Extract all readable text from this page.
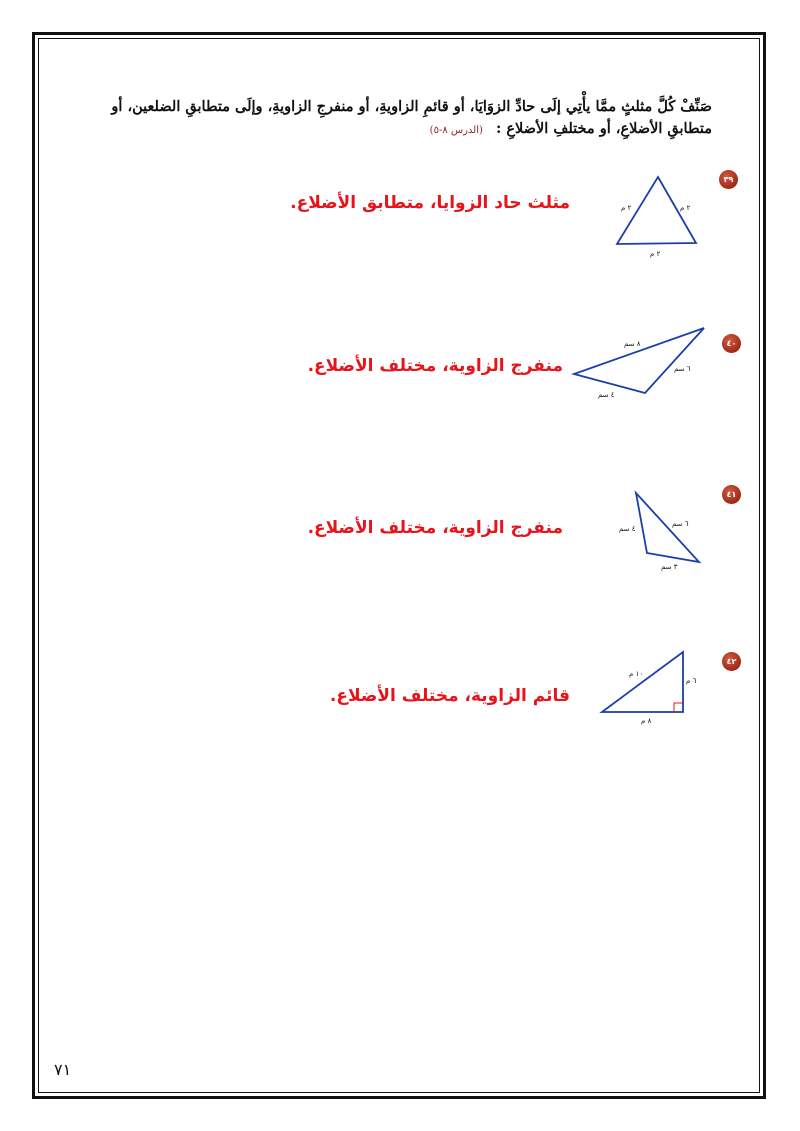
صَنِّفْ كُلَّ مثلثٍ ممَّا يأْتِي إلَى حادِّ الزوَايَا، أو قائمِ الزاويةِ، أو منفرجِ الزاويةِ، وإلَى متطابقِ الضلعين، أو
متطابقِ الأضلاعِ، أو مختلفِ الأضلاعِ : (الدرس ٨-٥)
٣٩
٢ م	٢ م
٢ م
مثلث حاد الزوايا، متطابق الأضلاع.
٤٠
٨ سم
٦ سم
٤ سم
منفرج الزاوية، مختلف الأضلاع.
٤١
٤ سم
٦ سم
٣ سم
منفرج الزاوية، مختلف الأضلاع.
٤٢
١٠ م
٦ م
٨ م
قائم الزاوية، مختلف الأضلاع.
٧١
